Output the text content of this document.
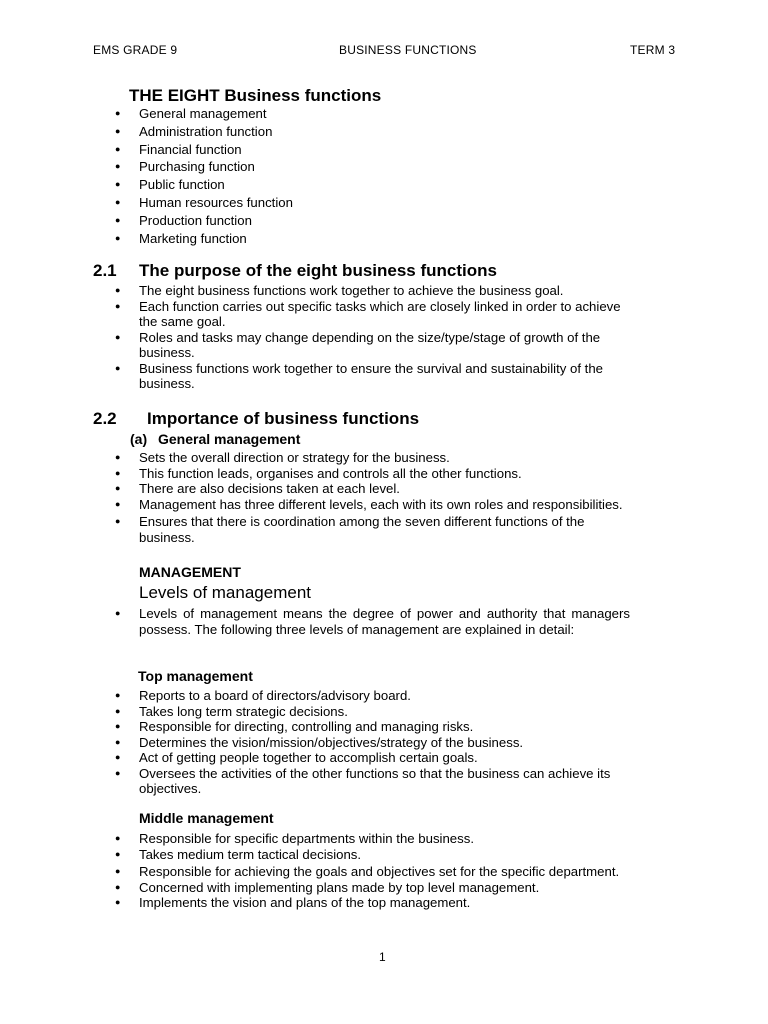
EMS GRADE 9	BUSINESS FUNCTIONS	TERM 3
THE EIGHT Business functions
● General management
● Administration function
● Financial function
● Purchasing function
● Public function
● Human resources function
● Production function
● Marketing function
2.1 The purpose of the eight business functions
● The eight business functions work together to achieve the business goal.
● Each function carries out specific tasks which are closely linked in order to achieve the same goal.
● Roles and tasks may change depending on the size/type/stage of growth of the business.
● Business functions work together to ensure the survival and sustainability of the business.
2.2 Importance of business functions
(a) General management
● Sets the overall direction or strategy for the business.
● This function leads, organises and controls all the other functions.
● There are also decisions taken at each level.
● Management has three different levels, each with its own roles and responsibilities.
● Ensures that there is coordination among the seven different functions of the business.
MANAGEMENT
Levels of management
● Levels of management means the degree of power and authority that managers possess. The following three levels of management are explained in detail:
Top management
● Reports to a board of directors/advisory board.
● Takes long term strategic decisions.
● Responsible for directing, controlling and managing risks.
● Determines the vision/mission/objectives/strategy of the business.
● Act of getting people together to accomplish certain goals.
● Oversees the activities of the other functions so that the business can achieve its objectives.
Middle management
● Responsible for specific departments within the business.
● Takes medium term tactical decisions.
● Responsible for achieving the goals and objectives set for the specific department.
● Concerned with implementing plans made by top level management.
● Implements the vision and plans of the top management.
1
